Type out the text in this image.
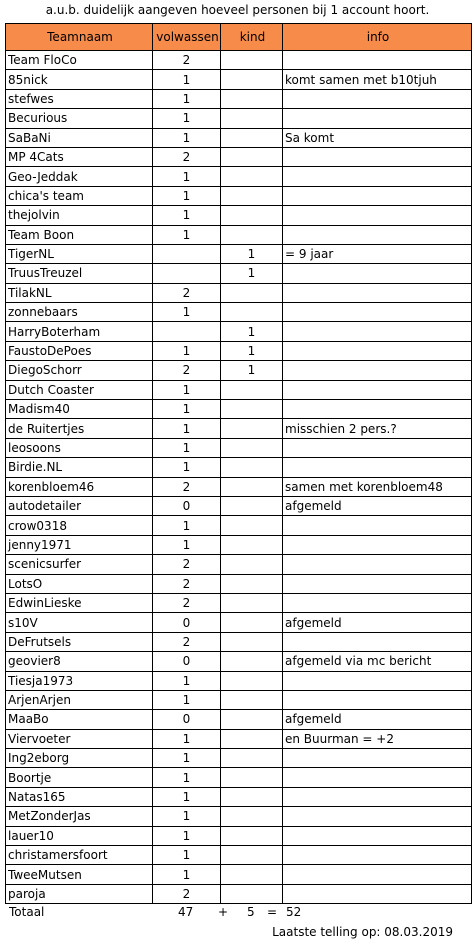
a.u.b. duidelijk aangeven hoeveel personen bij 1 account hoort.
Teamnaam	volwassen	kind	info
Team FloCo	2		
85nick	1		komt samen met b10tjuh
stefwes	1		
Becurious	1		
SaBaNi	1		Sa komt
MP 4Cats	2		
Geo-Jeddak	1		
chica's team	1		
thejolvin	1		
Team Boon	1		
TigerNL		1	= 9 jaar
TruusTreuzel		1	
TilakNL	2		
zonnebaars	1		
HarryBoterham		1	
FaustoDePoes	1	1	
DiegoSchorr	2	1	
Dutch Coaster	1		
Madism40	1		
de Ruitertjes	1		misschien 2 pers.?
leosoons	1		
Birdie.NL	1		
korenbloem46	2		samen met korenbloem48
autodetailer	0		afgemeld
crow0318	1		
jenny1971	1		
scenicsurfer	2		
LotsO	2		
EdwinLieske	2		
s10V	0		afgemeld
DeFrutsels	2		
geovier8	0		afgemeld via mc bericht
Tiesja1973	1		
ArjenArjen	1		
MaaBo	0		afgemeld
Viervoeter	1		en Buurman = +2
Ing2eborg	1		
Boortje	1		
Natas165	1		
MetZonderJas	1		
lauer10	1		
christamersfoort	1		
TweeMutsen	1		
paroja	2		
Totaal	47 + 5 = 52
Laatste telling op: 08.03.2019
